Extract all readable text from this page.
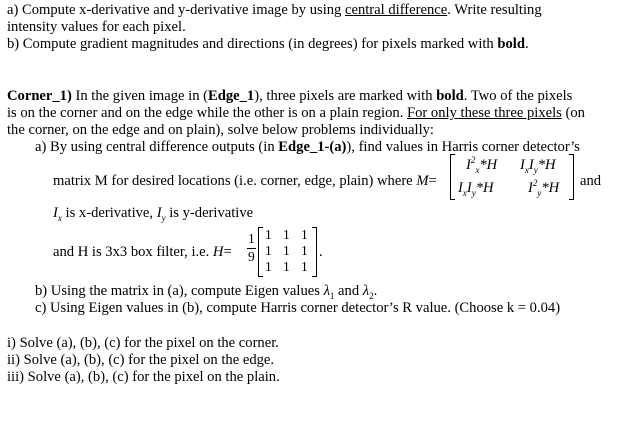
a) Compute x-derivative and y-derivative image by using central difference. Write resulting
intensity values for each pixel.
b) Compute gradient magnitudes and directions (in degrees) for pixels marked with bold.
Corner_1) In the given image in (Edge_1), three pixels are marked with bold. Two of the pixels
is on the corner and on the edge while the other is on a plain region. For only these three pixels (on
the corner, on the edge and on plain), solve below problems individually:
a) By using central difference outputs (in Edge_1-(a)), find values in Harris corner detector’s
matrix M for desired locations (i.e. corner, edge, plain) where M=
$I^2_x*H$ $I_xI_y*H$
$I_xI_y*H$ $I^2_y*H$ and
$I_x$ is x-derivative, $I_y$ is y-derivative
and H is 3x3 box filter, i.e. H=
1
9
1 1 1
1 1 1
1 1 1
.
b) Using the matrix in (a), compute Eigen values $\lambda_1$ and $\lambda_2$.
c) Using Eigen values in (b), compute Harris corner detector’s R value. (Choose k = 0.04)
i) Solve (a), (b), (c) for the pixel on the corner.
ii) Solve (a), (b), (c) for the pixel on the edge.
iii) Solve (a), (b), (c) for the pixel on the plain.
